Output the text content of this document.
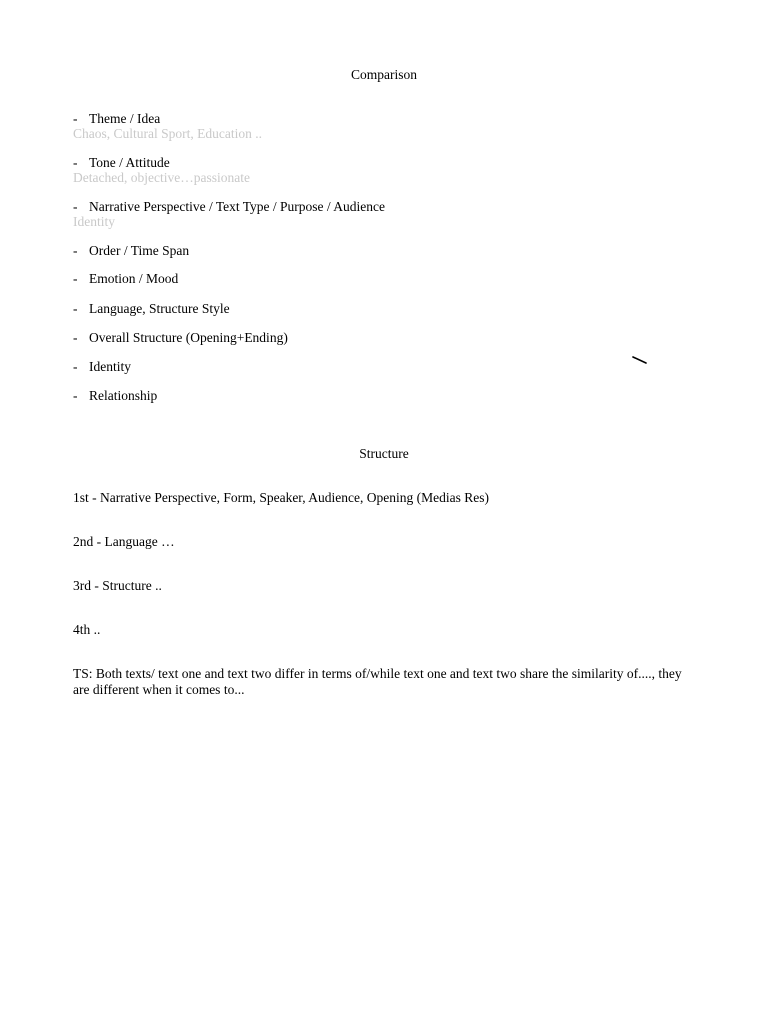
Comparison
- Theme / Idea
Chaos, Cultural Sport, Education ..
- Tone / Attitude
Detached, objective…passionate
- Narrative Perspective / Text Type / Purpose / Audience
Identity
- Order / Time Span
- Emotion / Mood
- Language, Structure Style
- Overall Structure (Opening+Ending)
- Identity
- Relationship
Structure
1st - Narrative Perspective, Form, Speaker, Audience, Opening (Medias Res)
2nd - Language …
3rd - Structure ..
4th ..
TS: Both texts/ text one and text two differ in terms of/while text one and text two share the similarity of...., they are different when it comes to...
